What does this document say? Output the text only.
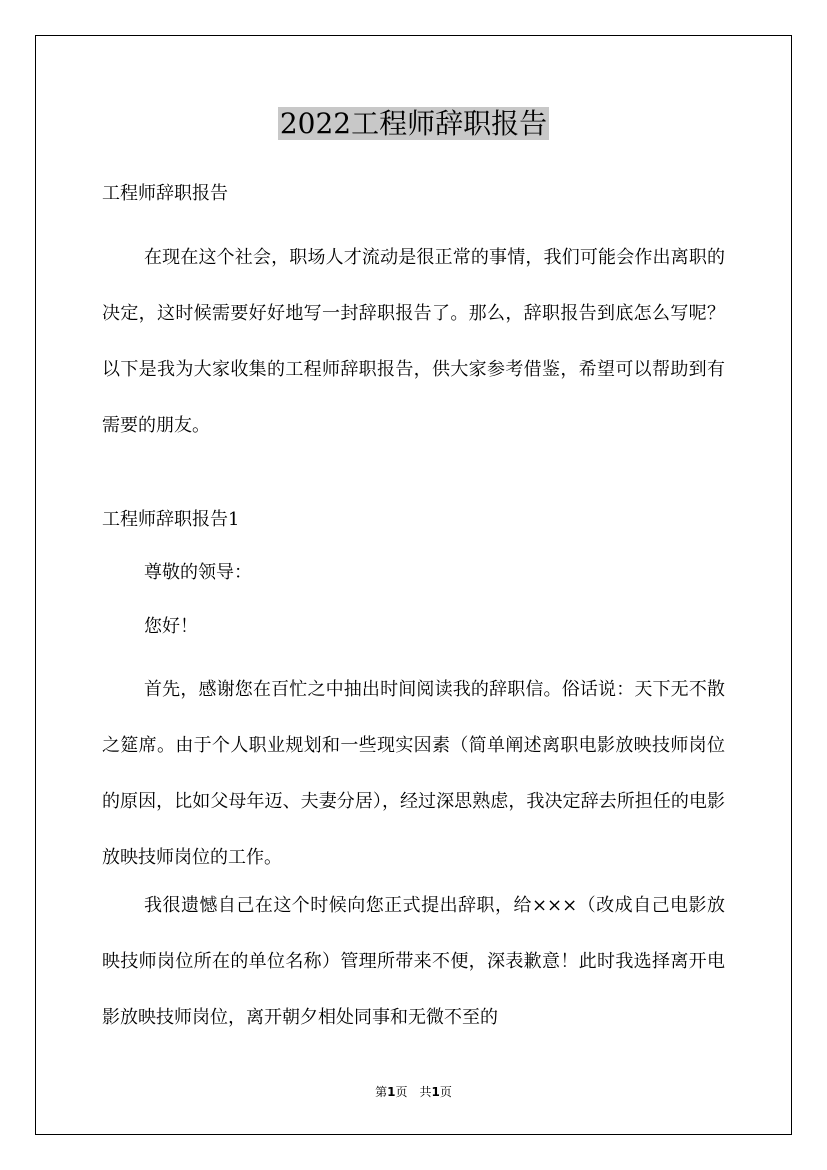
2022工程师辞职报告

工程师辞职报告

在现在这个社会，职场人才流动是很正常的事情，我们可能会作出离职的决定，这时候需要好好地写一封辞职报告了。那么，辞职报告到底怎么写呢？以下是我为大家收集的工程师辞职报告，供大家参考借鉴，希望可以帮助到有需要的朋友。

工程师辞职报告1

尊敬的领导：

您好！

首先，感谢您在百忙之中抽出时间阅读我的辞职信。俗话说：天下无不散之筵席。由于个人职业规划和一些现实因素（简单阐述离职电影放映技师岗位的原因，比如父母年迈、夫妻分居），经过深思熟虑，我决定辞去所担任的电影放映技师岗位的工作。

我很遗憾自己在这个时候向您正式提出辞职，给×××（改成自己电影放映技师岗位所在的单位名称）管理所带来不便，深表歉意！此时我选择离开电影放映技师岗位，离开朝夕相处同事和无微不至的

第1页 共1页
